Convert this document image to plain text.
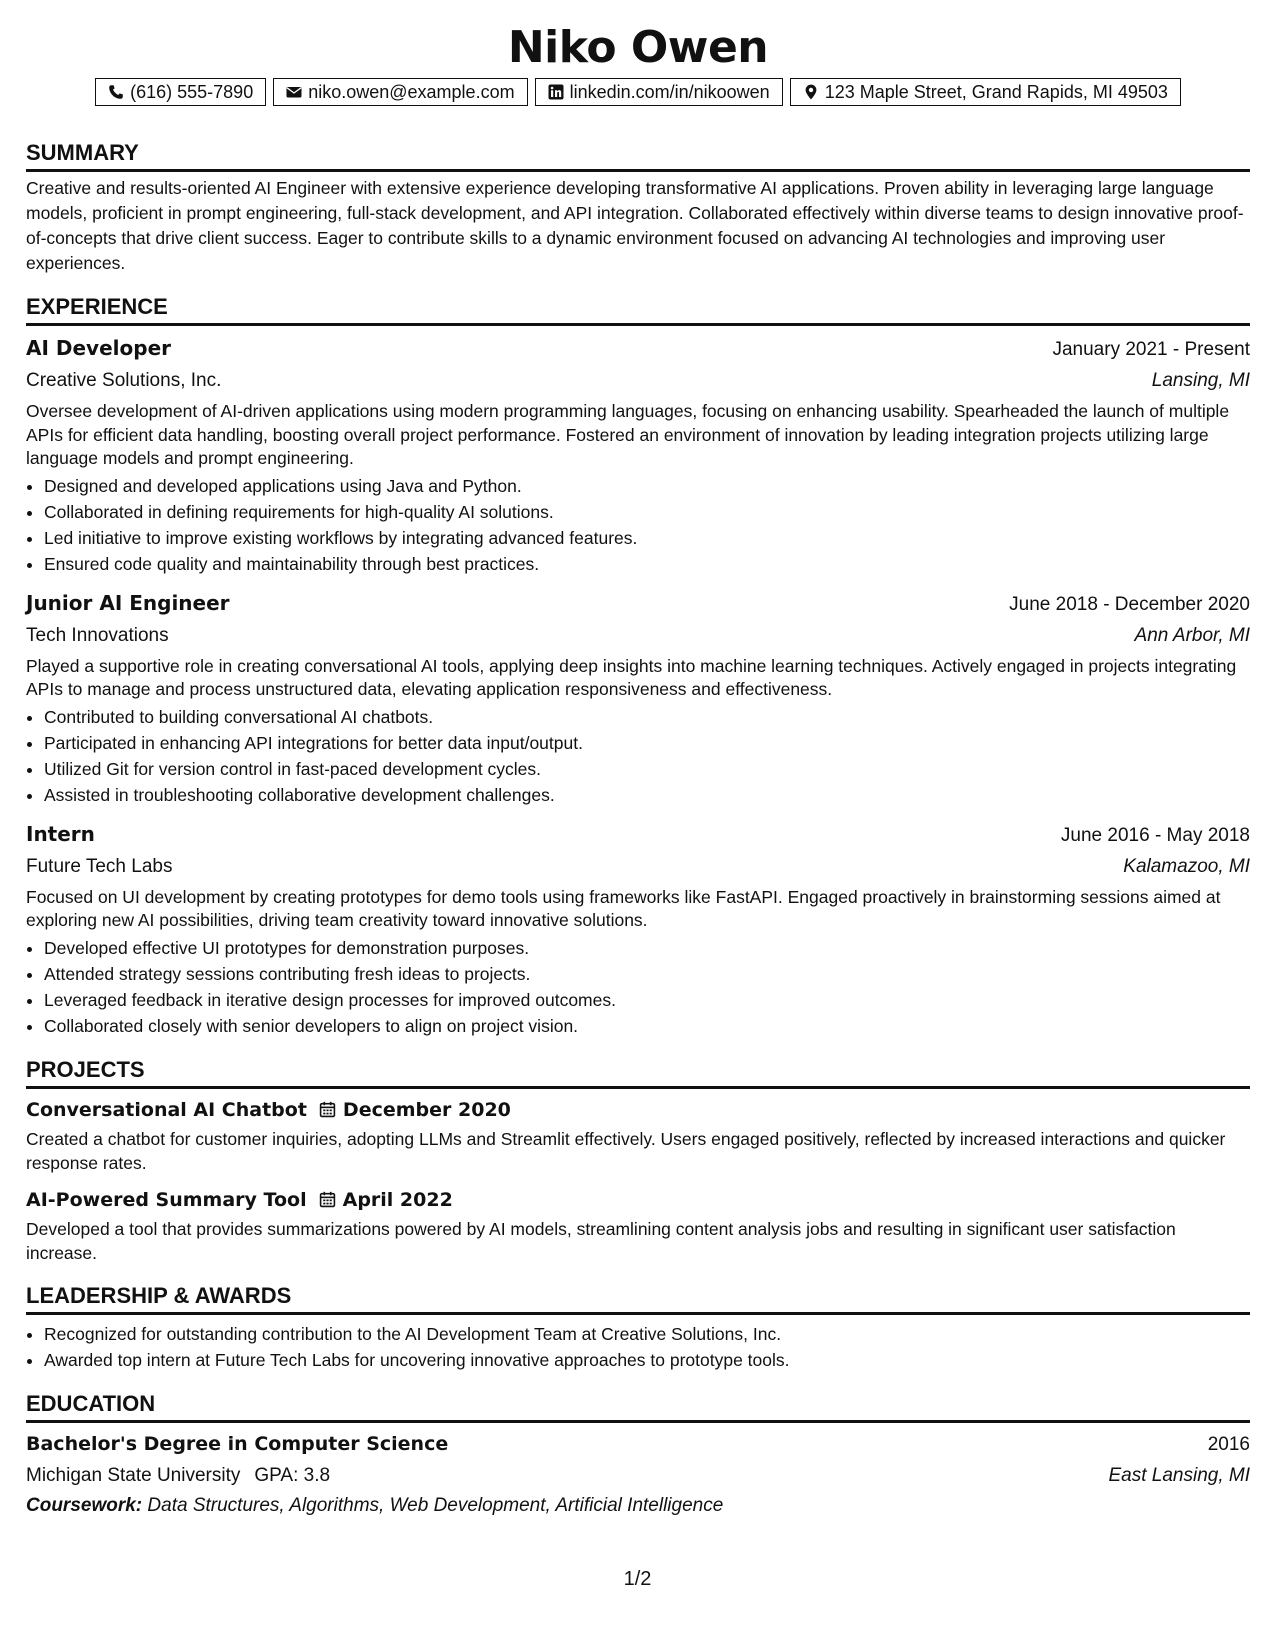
Niko Owen
(616) 555-7890	niko.owen@example.com	linkedin.com/in/nikoowen	123 Maple Street, Grand Rapids, MI 49503
SUMMARY

Creative and results-oriented AI Engineer with extensive experience developing transformative AI applications. Proven ability in leveraging large language models, proficient in prompt engineering, full-stack development, and API integration. Collaborated effectively within diverse teams to design innovative proof-of-concepts that drive client success. Eager to contribute skills to a dynamic environment focused on advancing AI technologies and improving user experiences.

EXPERIENCE
AI Developer	January 2021 - Present
Creative Solutions, Inc.	Lansing, MI

Oversee development of AI-driven applications using modern programming languages, focusing on enhancing usability. Spearheaded the launch of multiple APIs for efficient data handling, boosting overall project performance. Fostered an environment of innovation by leading integration projects utilizing large language models and prompt engineering.

• Designed and developed applications using Java and Python.
• Collaborated in defining requirements for high-quality AI solutions.
• Led initiative to improve existing workflows by integrating advanced features.
• Ensured code quality and maintainability through best practices.
Junior AI Engineer	June 2018 - December 2020
Tech Innovations	Ann Arbor, MI

Played a supportive role in creating conversational AI tools, applying deep insights into machine learning techniques. Actively engaged in projects integrating APIs to manage and process unstructured data, elevating application responsiveness and effectiveness.

• Contributed to building conversational AI chatbots.
• Participated in enhancing API integrations for better data input/output.
• Utilized Git for version control in fast-paced development cycles.
• Assisted in troubleshooting collaborative development challenges.
Intern	June 2016 - May 2018
Future Tech Labs	Kalamazoo, MI

Focused on UI development by creating prototypes for demo tools using frameworks like FastAPI. Engaged proactively in brainstorming sessions aimed at exploring new AI possibilities, driving team creativity toward innovative solutions.

• Developed effective UI prototypes for demonstration purposes.
• Attended strategy sessions contributing fresh ideas to projects.
• Leveraged feedback in iterative design processes for improved outcomes.
• Collaborated closely with senior developers to align on project vision.
PROJECTS
Conversational AI Chatbot December 2020

Created a chatbot for customer inquiries, adopting LLMs and Streamlit effectively. Users engaged positively, reflected by increased interactions and quicker response rates.

AI-Powered Summary Tool April 2022

Developed a tool that provides summarizations powered by AI models, streamlining content analysis jobs and resulting in significant user satisfaction increase.

LEADERSHIP & AWARDS
• Recognized for outstanding contribution to the AI Development Team at Creative Solutions, Inc.
• Awarded top intern at Future Tech Labs for uncovering innovative approaches to prototype tools.
EDUCATION
Bachelor's Degree in Computer Science	2016
Michigan State University GPA: 3.8	East Lansing, MI
Coursework: Data Structures, Algorithms, Web Development, Artificial Intelligence
1/2
